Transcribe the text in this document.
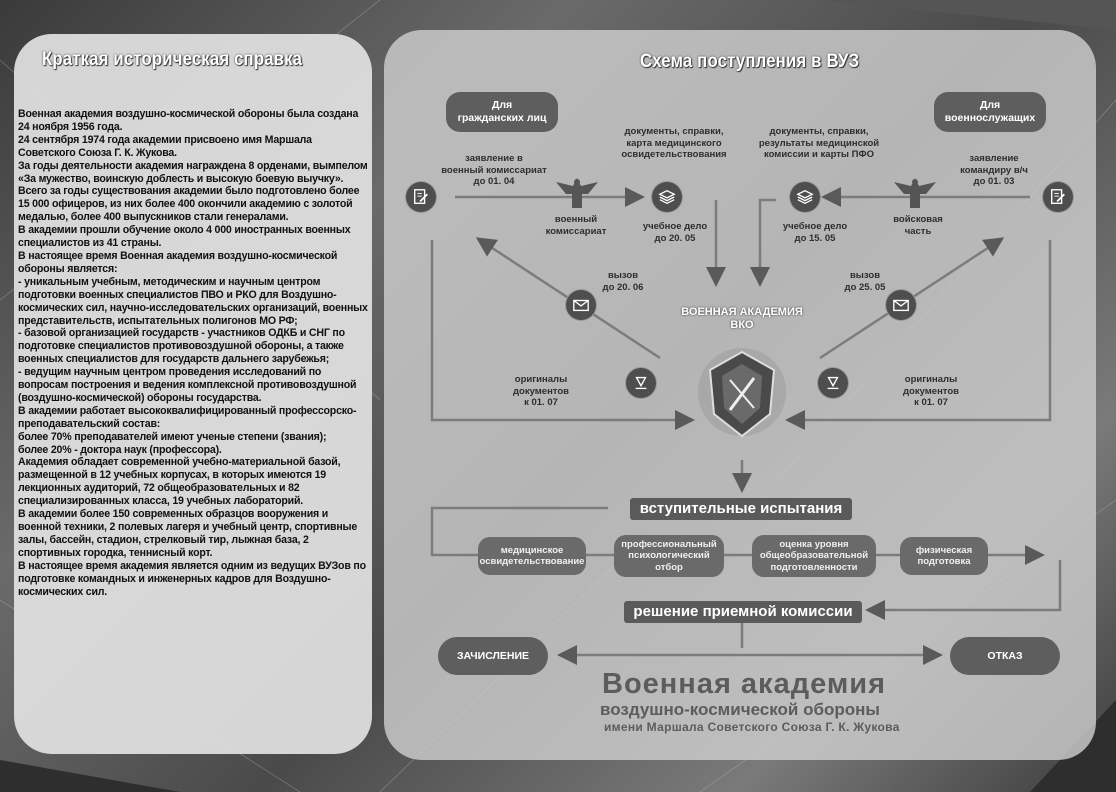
Краткая историческая справка	Схема поступления в ВУЗ

Военная академия воздушно-космической обороны была создана 24 ноября 1956 года.

24 сентября 1974 года академии присвоено имя Маршала Советского Союза Г. К. Жукова.

За годы деятельности академия награждена 8 орденами, вымпелом «За мужество, воинскую доблесть и высокую боевую выучку».

Всего за годы существования академии было подготовлено более 15 000 офицеров, из них более 400 окончили академию с золотой медалью, более 400 выпускников стали генералами.

В академии прошли обучение около 4 000 иностранных военных специалистов из 41 страны.

В настоящее время Военная академия воздушно-космической обороны является:

- уникальным учебным, методическим и научным центром подготовки военных специалистов ПВО и РКО для Воздушно-космических сил, научно-исследовательских организаций, военных представительств, испытательных полигонов МО РФ;

- базовой организацией государств - участников ОДКБ и СНГ по подготовке специалистов противовоздушной обороны, а также военных специалистов для государств дальнего зарубежья;

- ведущим научным центром проведения исследований по вопросам построения и ведения комплексной противовоздушной (воздушно-космической) обороны государства.

В академии работает высококвалифицированный профессорско-преподавательский состав:

более 70% преподавателей имеют ученые степени (звания);

более 20% - доктора наук (профессора).

Академия обладает современной учебно-материальной базой,

размещенной в 12 учебных корпусах, в которых имеются 19 лекционных аудиторий, 72 общеобразовательных и 82 специализированных класса, 19 учебных лабораторий.

В академии более 150 современных образцов вооружения и военной техники, 2 полевых лагеря и учебный центр, спортивные залы, бассейн, стадион, стрелковый тир, лыжная база, 2 спортивных городка, теннисный корт.

В настоящее время академия является одним из ведущих ВУЗов по подготовке командных и инженерных кадров для Воздушно-космических сил.

Для
гражданских лиц
Для
военнослужащих
документы, справки,
карта медицинского
освидетельствования
документы, справки,
результаты медицинской
комиссии и карты ПФО
заявление в
военный комиссариат
до 01. 04
заявление
командиру в/ч
до 01. 03
военный
комиссариат
войсковая
часть
учебное дело
до 20. 05
учебное дело
до 15. 05
вызов
до 20. 06
вызов
до 25. 05
ВОЕННАЯ АКАДЕМИЯ
ВКО
оригиналы
документов
к 01. 07
оригиналы
документов
к 01. 07
вступительные испытания
медицинское
освидетельствование
профессиональный
психологический
отбор
оценка уровня
общеобразовательной
подготовленности
физическая
подготовка
решение приемной комиссии
ЗАЧИСЛЕНИЕ	ОТКАЗ
Военная академия
воздушно-космической обороны
имени Маршала Советского Союза Г. К. Жукова
